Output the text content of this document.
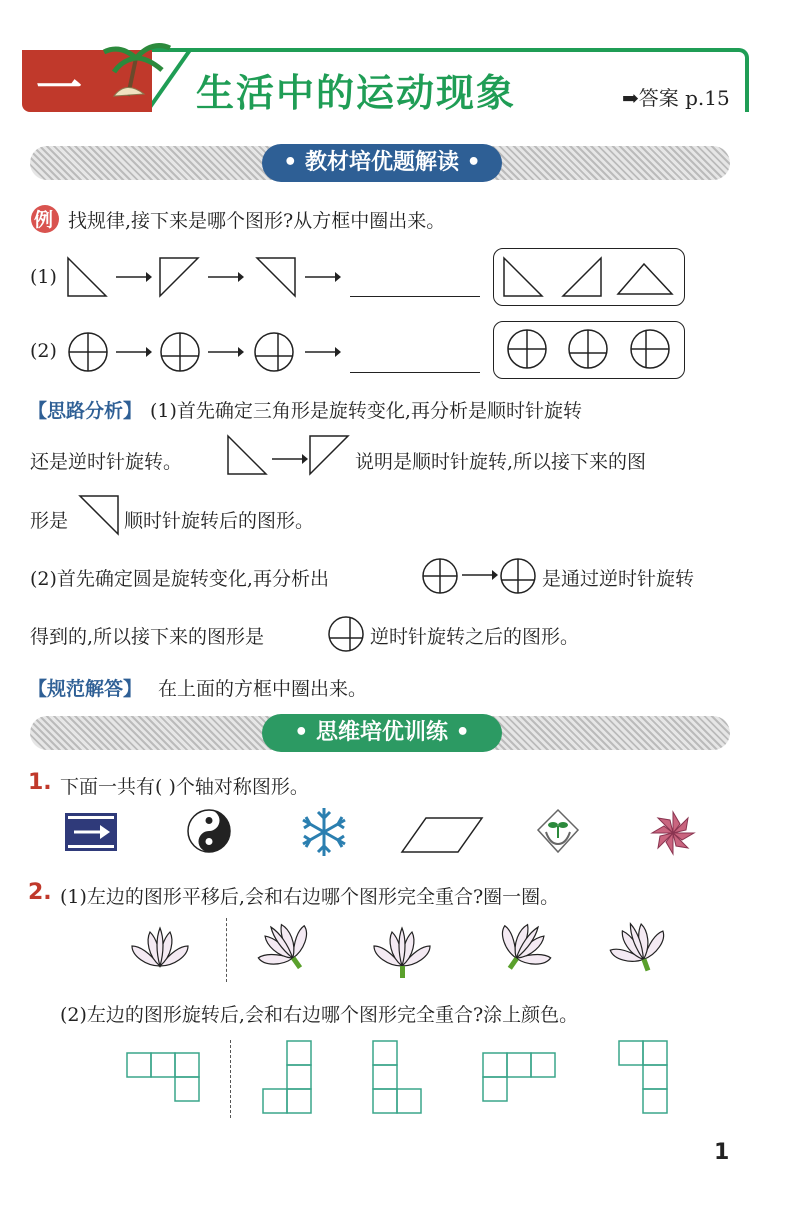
一	生活中的运动现象	➡答案 p.15
• 教材培优题解读 •
例 找规律,接下来是哪个图形?从方框中圈出来。
(1)
(2)
【思路分析】 (1)首先确定三角形是旋转变化,再分析是顺时针旋转
还是逆时针旋转。	说明是顺时针旋转,所以接下来的图
形是	顺时针旋转后的图形。
(2)首先确定圆是旋转变化,再分析出	是通过逆时针旋转
得到的,所以接下来的图形是	逆时针旋转之后的图形。
【规范解答】 在上面的方框中圈出来。
• 思维培优训练 •
1. 下面一共有( )个轴对称图形。
2. (1)左边的图形平移后,会和右边哪个图形完全重合?圈一圈。
(2)左边的图形旋转后,会和右边哪个图形完全重合?涂上颜色。
1
